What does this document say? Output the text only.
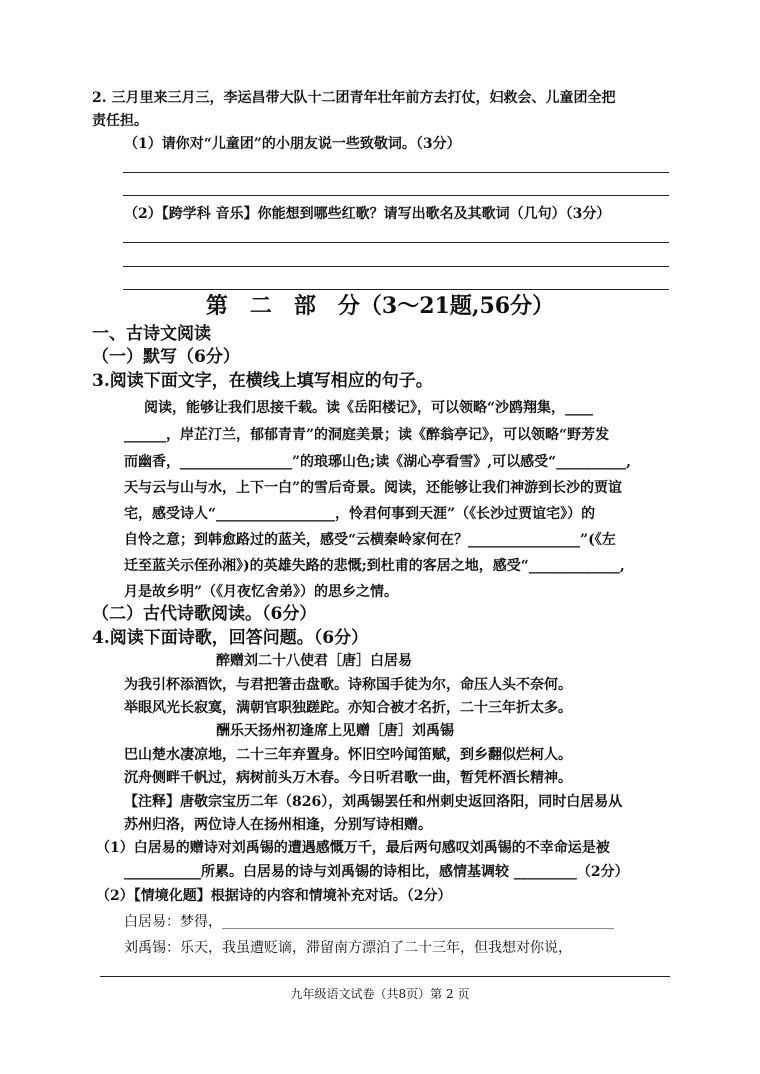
2. 三月里来三月三，李运昌带大队十二团青年壮年前方去打仗，妇救会、儿童团全把
责任担。
（1）请你对“儿童团”的小朋友说一些致敬词。（3分）
（2）【跨学科 音乐】你能想到哪些红歌？请写出歌名及其歌词（几句）（3分）
第　二　部　分（3～21题,56分）
一、古诗文阅读
（一）默写（6分）
3.阅读下面文字，在横线上填写相应的句子。
阅读，能够让我们思接千载。读《岳阳楼记》，可以领略“沙鸥翔集，____
______，岸芷汀兰，郁郁青青”的洞庭美景；读《醉翁亭记》，可以领略“野芳发
而幽香，________________”的琅琊山色;读《湖心亭看雪》,可以感受“__________,
天与云与山与水，上下一白”的雪后奇景。阅读，还能够让我们神游到长沙的贾谊
宅，感受诗人“_________________，怜君何事到天涯”（《长沙过贾谊宅》）的
自怜之意；到韩愈路过的蓝关，感受“云横秦岭家何在？________________”(《左
迁至蓝关示侄孙湘》)的英雄失路的悲慨;到杜甫的客居之地，感受“_____________,
月是故乡明”（《月夜忆舍弟》）的思乡之情。
（二）古代诗歌阅读。（6分）
4.阅读下面诗歌，回答问题。（6分）
醉赠刘二十八使君［唐］白居易
为我引杯添酒饮，与君把箸击盘歌。诗称国手徒为尔，命压人头不奈何。
举眼风光长寂寞，满朝官职独蹉跎。亦知合被才名折，二十三年折太多。
酬乐天扬州初逢席上见赠［唐］刘禹锡
巴山楚水凄凉地，二十三年弃置身。怀旧空吟闻笛赋，到乡翻似烂柯人。
沉舟侧畔千帆过，病树前头万木春。今日听君歌一曲，暂凭杯酒长精神。
【注释】唐敬宗宝历二年（826），刘禹锡罢任和州刺史返回洛阳，同时白居易从
苏州归洛，两位诗人在扬州相逢，分别写诗相赠。
（1）白居易的赠诗对刘禹锡的遭遇感慨万千，最后两句感叹刘禹锡的不幸命运是被
___________所累。白居易的诗与刘禹锡的诗相比，感情基调较 _________（2分）
（2）【情境化题】根据诗的内容和情境补充对话。（2分）
白居易：梦得，________________________________________________________
刘禹锡：乐天，我虽遭贬谪，滞留南方漂泊了二十三年，但我想对你说，
九年级语文试卷（共8页）第 2 页
